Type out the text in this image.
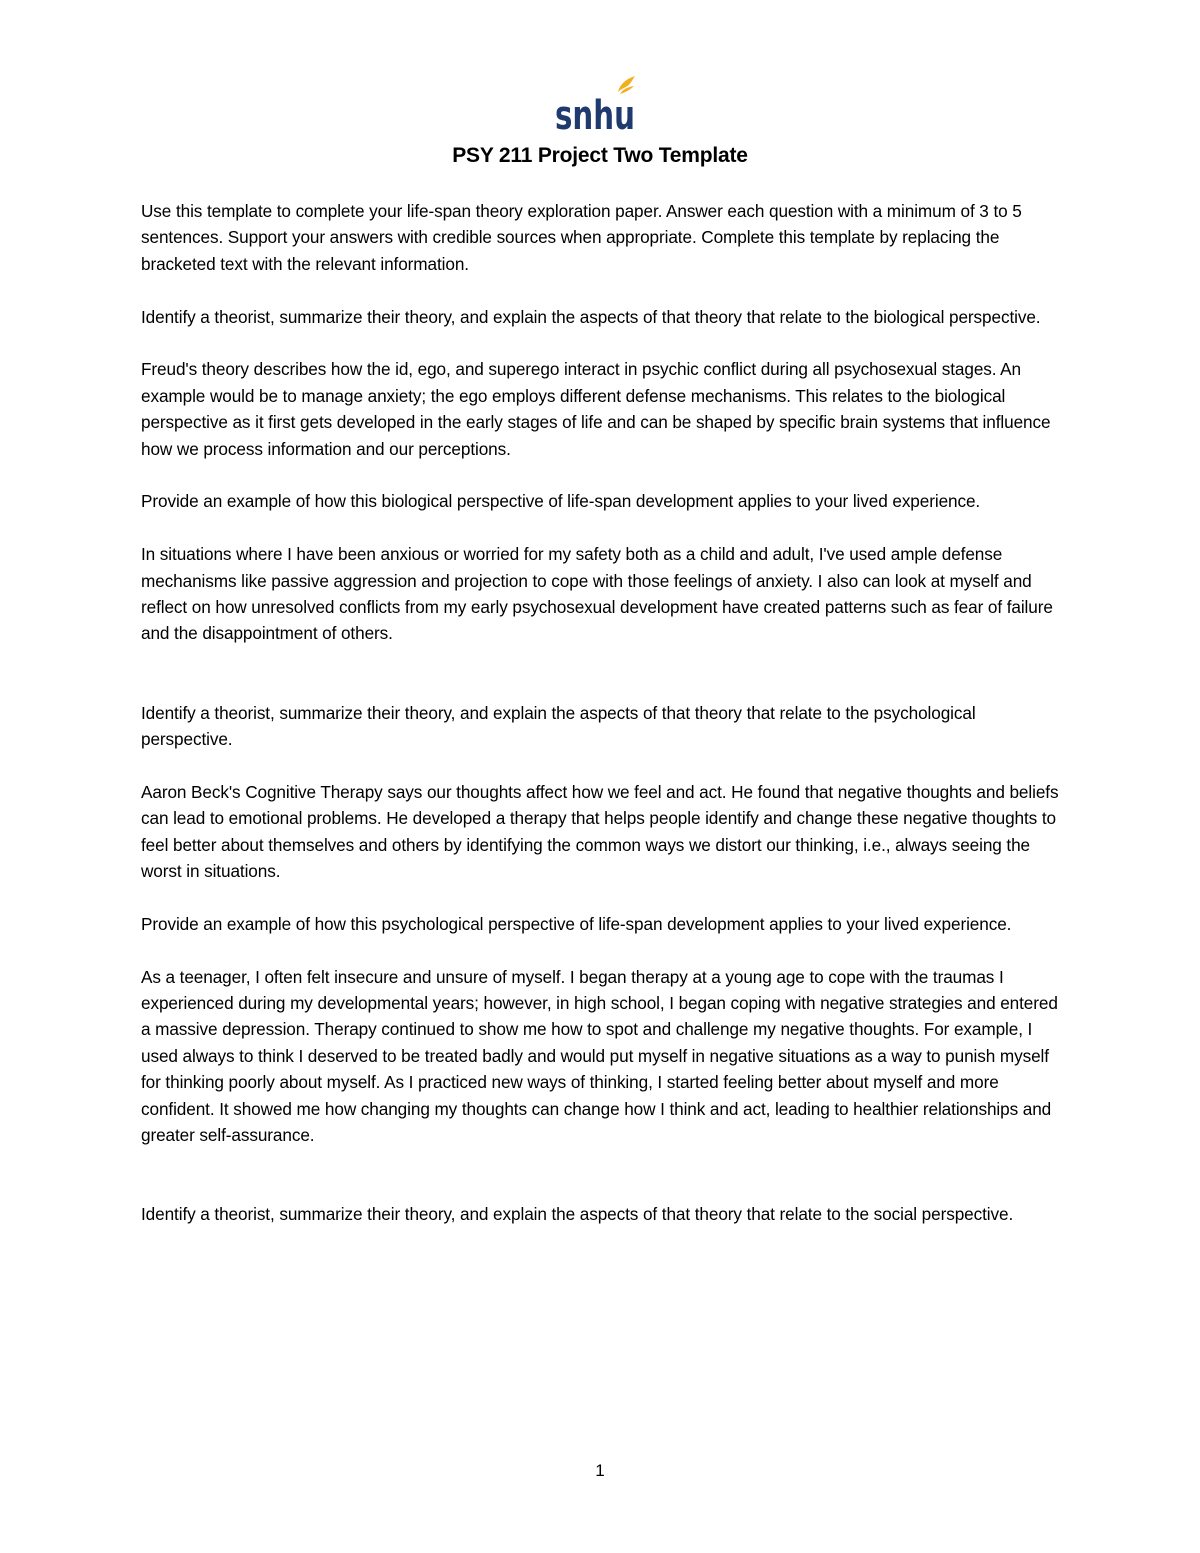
snhu
PSY 211 Project Two Template

Use this template to complete your life-span theory exploration paper. Answer each question with a minimum of 3 to 5 sentences. Support your answers with credible sources when appropriate. Complete this template by replacing the bracketed text with the relevant information.

Identify a theorist, summarize their theory, and explain the aspects of that theory that relate to the biological perspective.

Freud's theory describes how the id, ego, and superego interact in psychic conflict during all psychosexual stages. An example would be to manage anxiety; the ego employs different defense mechanisms. This relates to the biological perspective as it first gets developed in the early stages of life and can be shaped by specific brain systems that influence how we process information and our perceptions.

Provide an example of how this biological perspective of life-span development applies to your lived experience.

In situations where I have been anxious or worried for my safety both as a child and adult, I've used ample defense mechanisms like passive aggression and projection to cope with those feelings of anxiety. I also can look at myself and reflect on how unresolved conflicts from my early psychosexual development have created patterns such as fear of failure and the disappointment of others.

Identify a theorist, summarize their theory, and explain the aspects of that theory that relate to the psychological perspective.

Aaron Beck's Cognitive Therapy says our thoughts affect how we feel and act. He found that negative thoughts and beliefs can lead to emotional problems. He developed a therapy that helps people identify and change these negative thoughts to feel better about themselves and others by identifying the common ways we distort our thinking, i.e., always seeing the worst in situations.

Provide an example of how this psychological perspective of life-span development applies to your lived experience.

As a teenager, I often felt insecure and unsure of myself. I began therapy at a young age to cope with the traumas I experienced during my developmental years; however, in high school, I began coping with negative strategies and entered a massive depression. Therapy continued to show me how to spot and challenge my negative thoughts. For example, I used always to think I deserved to be treated badly and would put myself in negative situations as a way to punish myself for thinking poorly about myself. As I practiced new ways of thinking, I started feeling better about myself and more confident. It showed me how changing my thoughts can change how I think and act, leading to healthier relationships and greater self-assurance.

Identify a theorist, summarize their theory, and explain the aspects of that theory that relate to the social perspective.

1
